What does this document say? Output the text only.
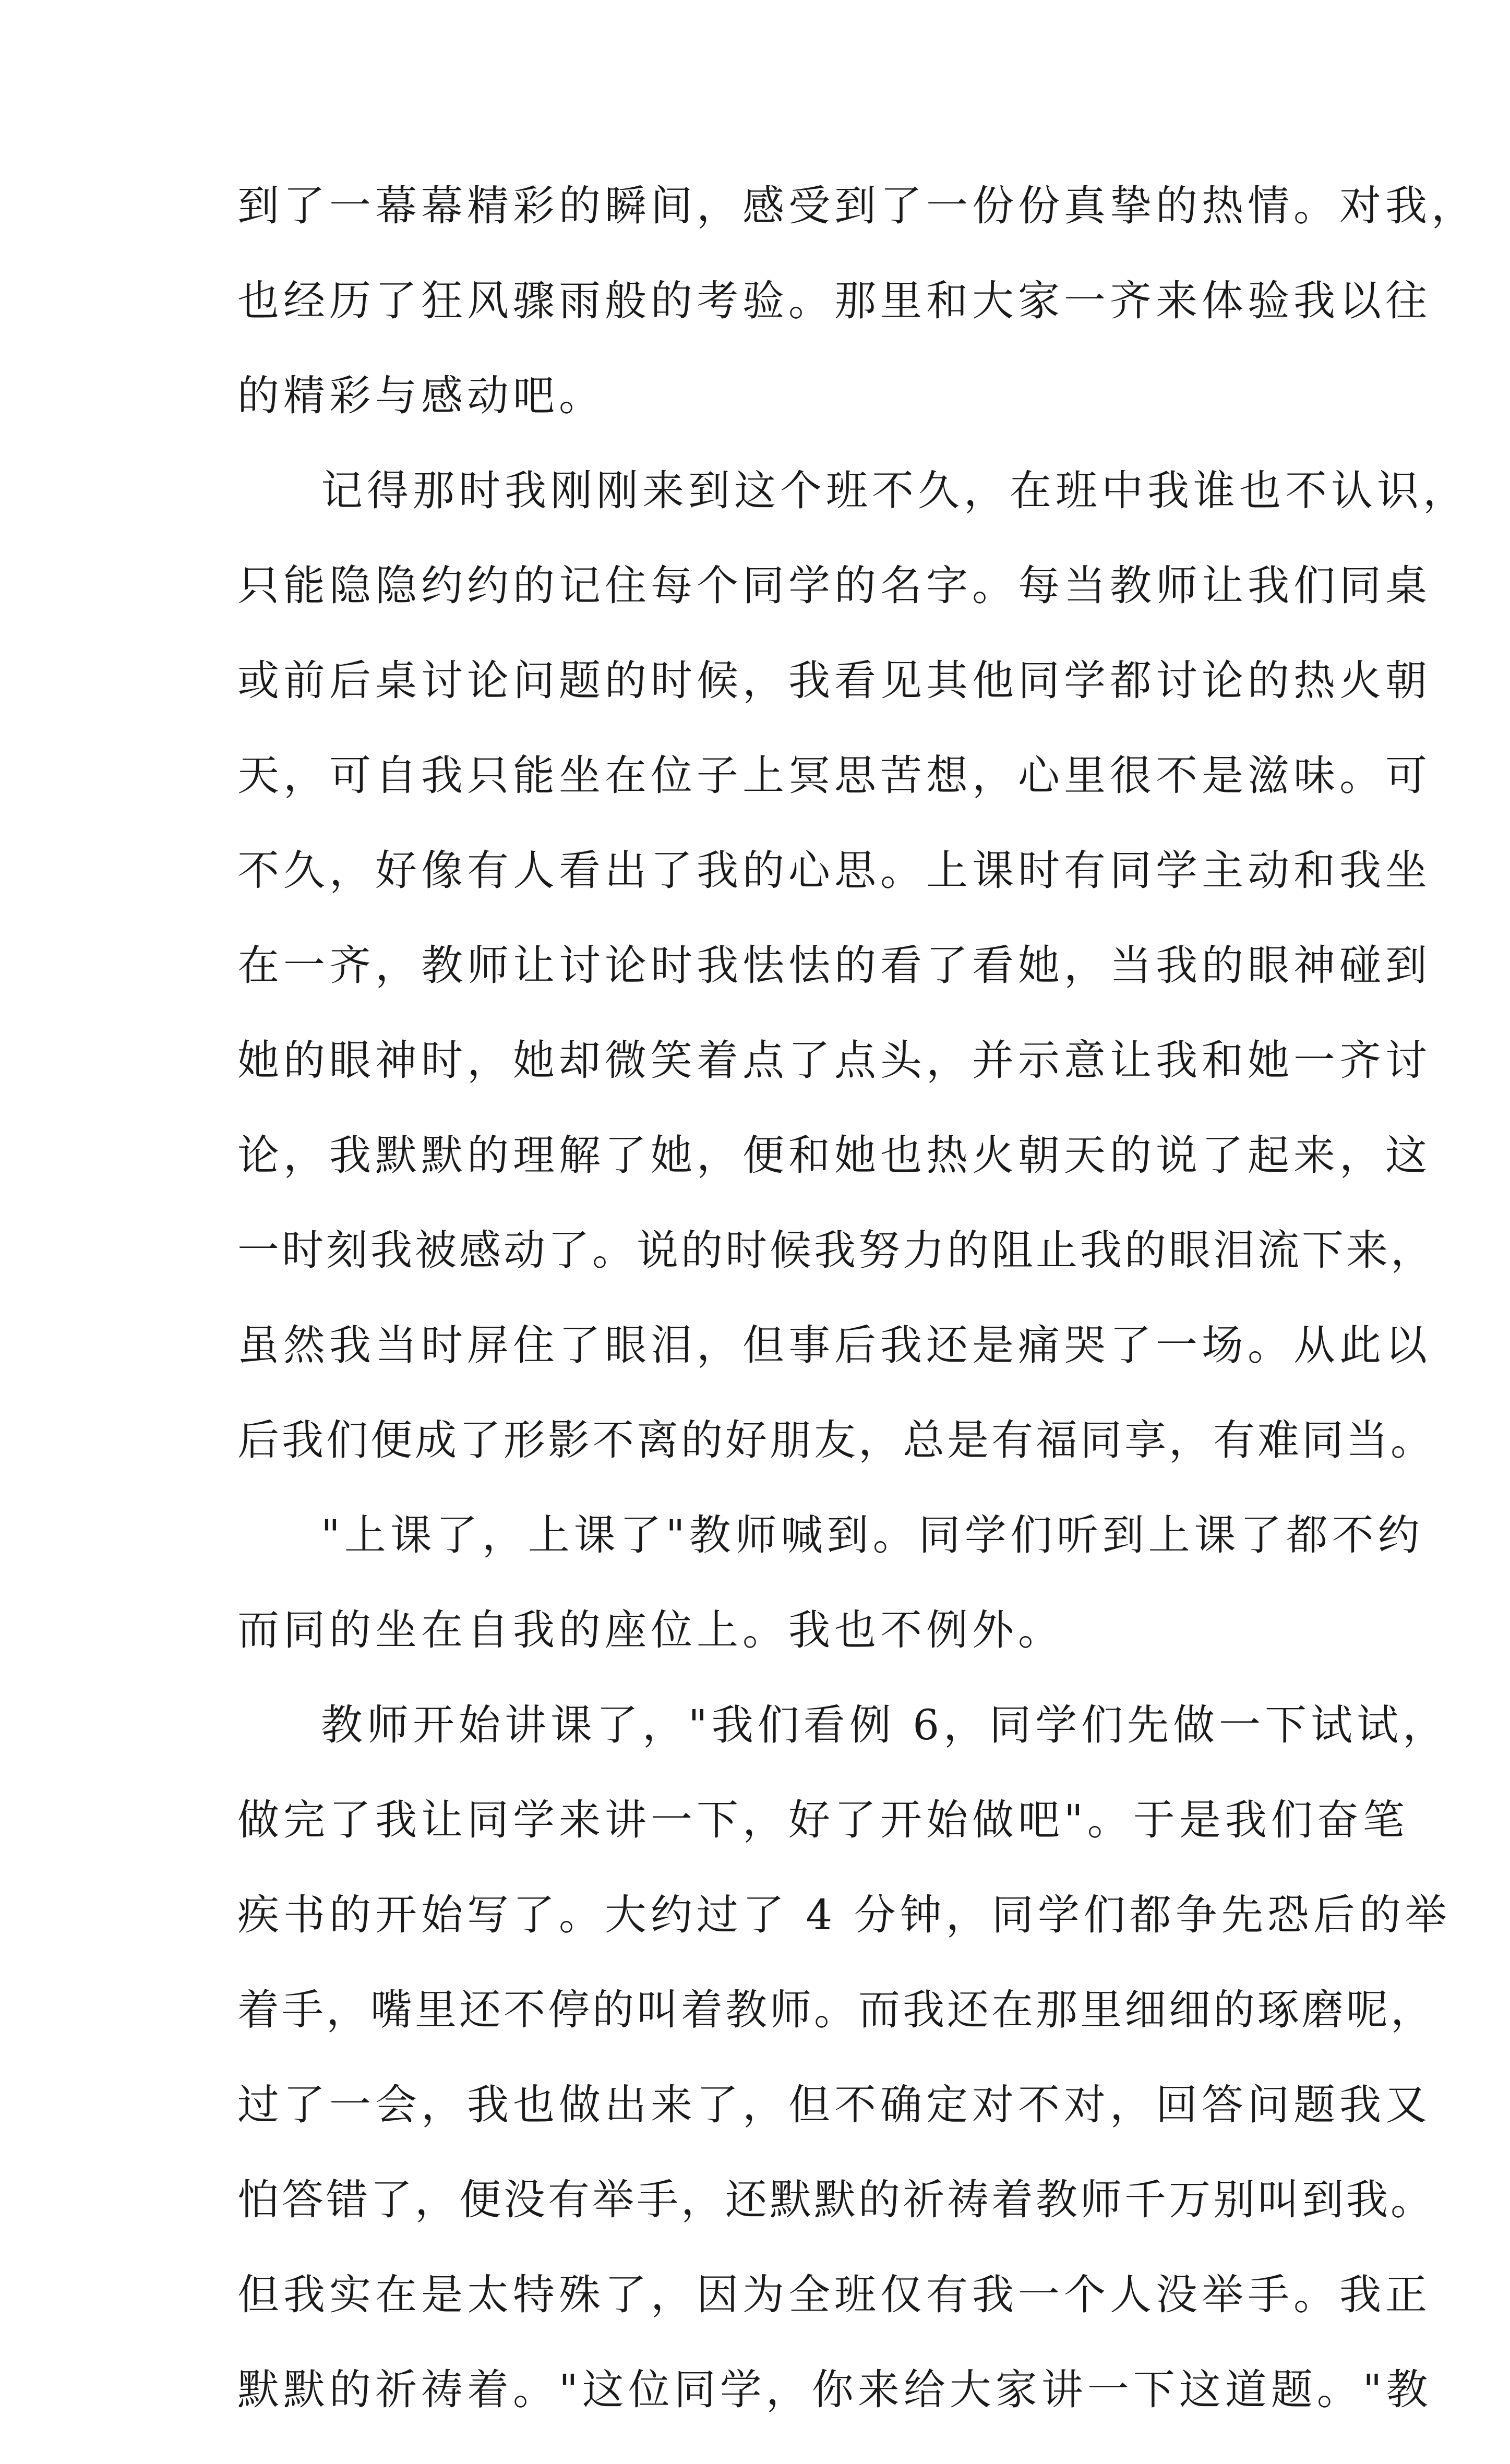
到了一幕幕精彩的瞬间，感受到了一份份真挚的热情。对我，
也经历了狂风骤雨般的考验。那里和大家一齐来体验我以往
的精彩与感动吧。
记得那时我刚刚来到这个班不久，在班中我谁也不认识，
只能隐隐约约的记住每个同学的名字。每当教师让我们同桌
或前后桌讨论问题的时候，我看见其他同学都讨论的热火朝
天，可自我只能坐在位子上冥思苦想，心里很不是滋味。可
不久，好像有人看出了我的心思。上课时有同学主动和我坐
在一齐，教师让讨论时我怯怯的看了看她，当我的眼神碰到
她的眼神时，她却微笑着点了点头，并示意让我和她一齐讨
论，我默默的理解了她，便和她也热火朝天的说了起来，这
一时刻我被感动了。说的时候我努力的阻止我的眼泪流下来，
虽然我当时屏住了眼泪，但事后我还是痛哭了一场。从此以
后我们便成了形影不离的好朋友，总是有福同享，有难同当。
"上课了，上课了"教师喊到。同学们听到上课了都不约
而同的坐在自我的座位上。我也不例外。
教师开始讲课了，"我们看例 6，同学们先做一下试试，
做完了我让同学来讲一下，好了开始做吧"。于是我们奋笔
疾书的开始写了。大约过了 4 分钟，同学们都争先恐后的举
着手，嘴里还不停的叫着教师。而我还在那里细细的琢磨呢，
过了一会，我也做出来了，但不确定对不对，回答问题我又
怕答错了，便没有举手，还默默的祈祷着教师千万别叫到我。
但我实在是太特殊了，因为全班仅有我一个人没举手。我正
默默的祈祷着。"这位同学，你来给大家讲一下这道题。"教
